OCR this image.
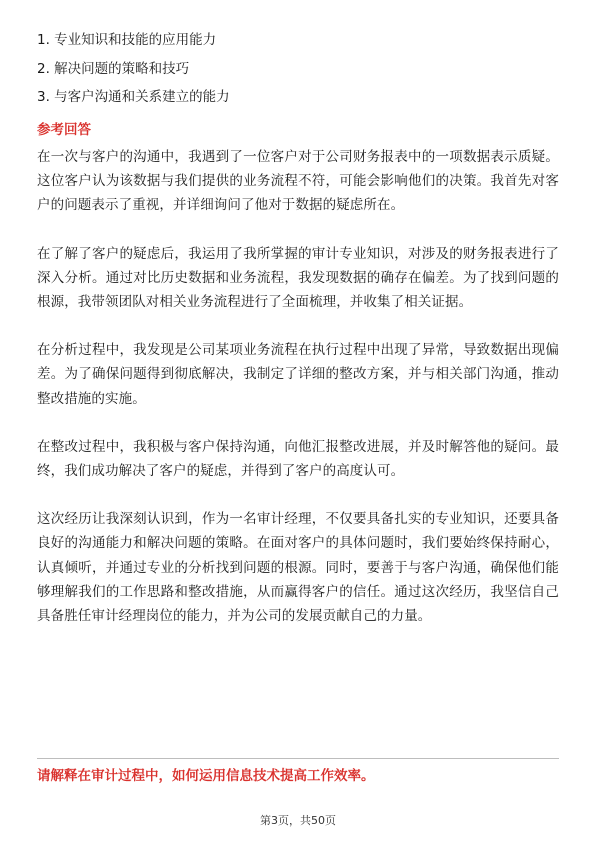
1. 专业知识和技能的应用能力
2. 解决问题的策略和技巧
3. 与客户沟通和关系建立的能力
参考回答

在一次与客户的沟通中，我遇到了一位客户对于公司财务报表中的一项数据表示质疑。这位客户认为该数据与我们提供的业务流程不符，可能会影响他们的决策。我首先对客户的问题表示了重视，并详细询问了他对于数据的疑虑所在。

在了解了客户的疑虑后，我运用了我所掌握的审计专业知识，对涉及的财务报表进行了深入分析。通过对比历史数据和业务流程，我发现数据的确存在偏差。为了找到问题的根源，我带领团队对相关业务流程进行了全面梳理，并收集了相关证据。

在分析过程中，我发现是公司某项业务流程在执行过程中出现了异常，导致数据出现偏差。为了确保问题得到彻底解决，我制定了详细的整改方案，并与相关部门沟通，推动整改措施的实施。

在整改过程中，我积极与客户保持沟通，向他汇报整改进展，并及时解答他的疑问。最终，我们成功解决了客户的疑虑，并得到了客户的高度认可。

这次经历让我深刻认识到，作为一名审计经理，不仅要具备扎实的专业知识，还要具备良好的沟通能力和解决问题的策略。在面对客户的具体问题时，我们要始终保持耐心，认真倾听，并通过专业的分析找到问题的根源。同时，要善于与客户沟通，确保他们能够理解我们的工作思路和整改措施，从而赢得客户的信任。通过这次经历，我坚信自己具备胜任审计经理岗位的能力，并为公司的发展贡献自己的力量。

请解释在审计过程中，如何运用信息技术提高工作效率。
第3页，共50页
